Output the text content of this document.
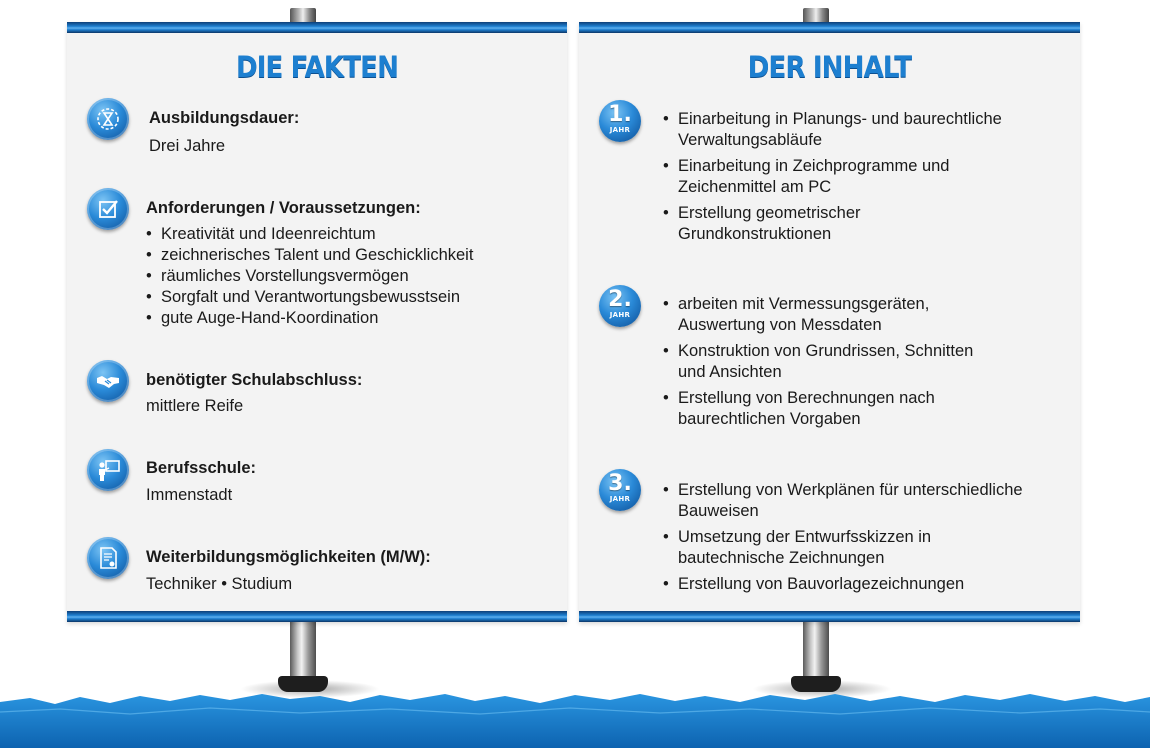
DIE FAKTEN
Ausbildungsdauer:
Drei Jahre
Anforderungen / Voraussetzungen:
• Kreativität und Ideenreichtum
• zeichnerisches Talent und Geschicklichkeit
• räumliches Vorstellungsvermögen
• Sorgfalt und Verantwortungsbewusstsein
• gute Auge-Hand-Koordination
benötigter Schulabschluss:
mittlere Reife
Berufsschule:
Immenstadt
Weiterbildungsmöglichkeiten (M/W):
Techniker • Studium
DER INHALT
1.
JAHR
• Einarbeitung in Planungs- und baurechtliche
Verwaltungsabläufe
• Einarbeitung in Zeichprogramme und
Zeichenmittel am PC
• Erstellung geometrischer
Grundkonstruktionen
2.
JAHR
• arbeiten mit Vermessungsgeräten,
Auswertung von Messdaten
• Konstruktion von Grundrissen, Schnitten
und Ansichten
• Erstellung von Berechnungen nach
baurechtlichen Vorgaben
3.
JAHR
•	Erstellung von Werkplänen für unterschiedliche
Bauweisen
• Umsetzung der Entwurfsskizzen in
bautechnische Zeichnungen
• Erstellung von Bauvorlagezeichnungen
